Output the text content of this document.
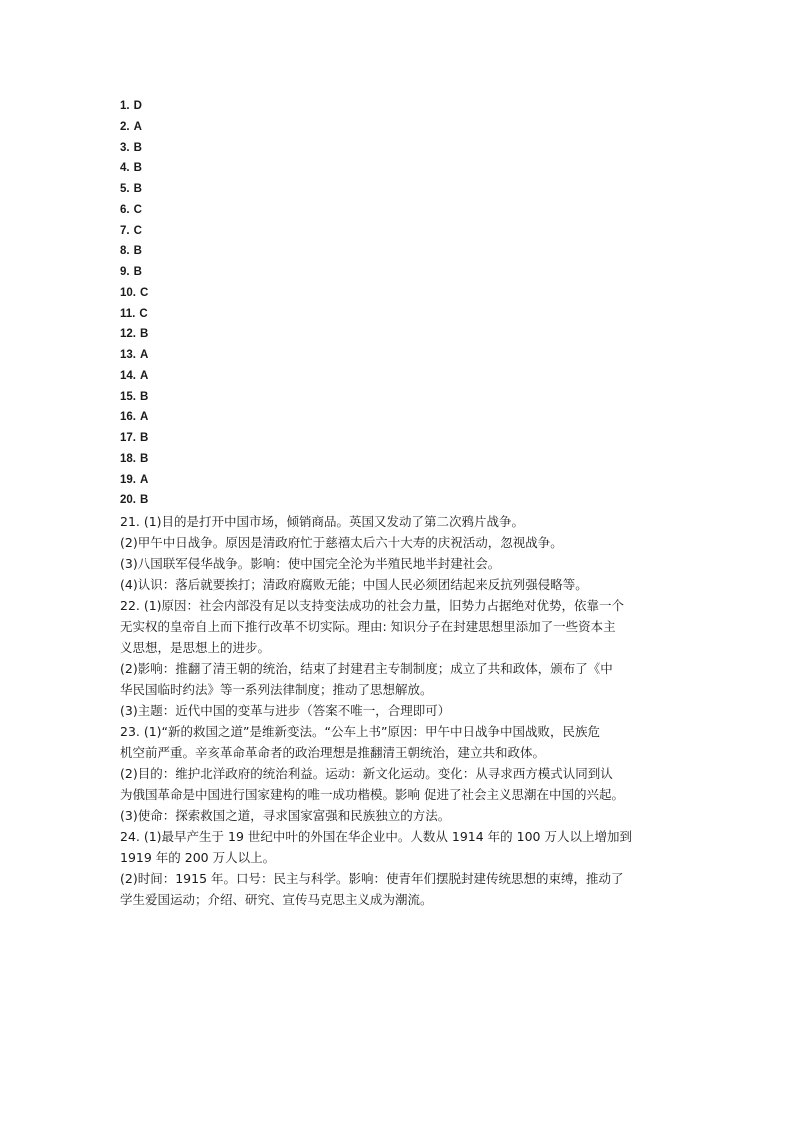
1. D
2. A
3. B
4. B
5. B
6. C
7. C
8. B
9. B
10. C
11. C
12. B
13. A
14. A
15. B
16. A
17. B
18. B
19. A
20. B

21. (1)目的是打开中国市场，倾销商品。英国又发动了第二次鸦片战争。

(2)甲午中日战争。原因是清政府忙于慈禧太后六十大寿的庆祝活动，忽视战争。

(3)八国联军侵华战争。影响：使中国完全沦为半殖民地半封建社会。

(4)认识：落后就要挨打；清政府腐败无能；中国人民必须团结起来反抗列强侵略等。

22. (1)原因：社会内部没有足以支持变法成功的社会力量，旧势力占据绝对优势，依靠一个

无实权的皇帝自上而下推行改革不切实际。理由: 知识分子在封建思想里添加了一些资本主

义思想，是思想上的进步。

(2)影响：推翻了清王朝的统治，结束了封建君主专制制度；成立了共和政体，颁布了《中

华民国临时约法》等一系列法律制度；推动了思想解放。

(3)主题：近代中国的变革与进步（答案不唯一，合理即可）

23. (1)“新的救国之道”是维新变法。“公车上书”原因：甲午中日战争中国战败，民族危

机空前严重。辛亥革命革命者的政治理想是推翻清王朝统治，建立共和政体。

(2)目的：维护北洋政府的统治利益。运动：新文化运动。变化：从寻求西方模式认同到认

为俄国革命是中国进行国家建构的唯一成功楷模。影响 促进了社会主义思潮在中国的兴起。

(3)使命：探索救国之道，寻求国家富强和民族独立的方法。

24. (1)最早产生于 19 世纪中叶的外国在华企业中。人数从 1914 年的 100 万人以上增加到

1919 年的 200 万人以上。

(2)时间：1915 年。口号：民主与科学。影响：使青年们摆脱封建传统思想的束缚，推动了

学生爱国运动；介绍、研究、宣传马克思主义成为潮流。
